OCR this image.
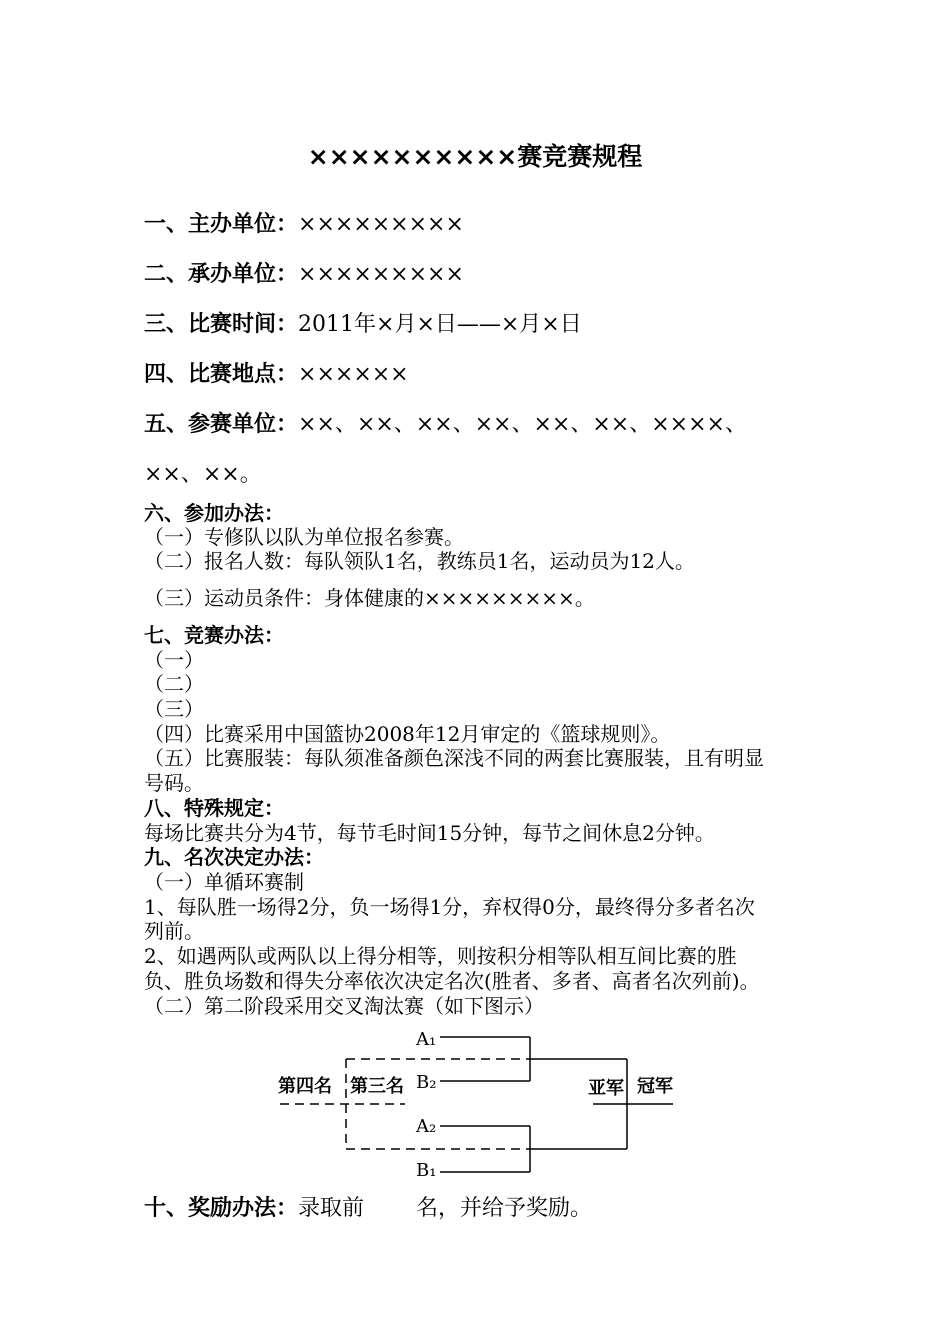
××××××××××赛竞赛规程
一、主办单位：×××××××××
二、承办单位：×××××××××
三、比赛时间：2011年×月×日——×月×日
四、比赛地点：××××××
五、参赛单位：××、××、××、××、××、××、××××、
××、××。
六、参加办法：
（一）专修队以队为单位报名参赛。
（二）报名人数：每队领队1名，教练员1名，运动员为12人。
（三）运动员条件：身体健康的×××××××××。
七、竞赛办法：
（一）
（二）
（三）
（四）比赛采用中国篮协2008年12月审定的《篮球规则》。
（五）比赛服装：每队须准备颜色深浅不同的两套比赛服装，且有明显
号码。
八、特殊规定：
每场比赛共分为4节，每节毛时间15分钟，每节之间休息2分钟。
九、名次决定办法：
（一）单循环赛制
1、每队胜一场得2分，负一场得1分，弃权得0分，最终得分多者名次
列前。
2、如遇两队或两队以上得分相等，则按积分相等队相互间比赛的胜
负、胜负场数和得失分率依次决定名次(胜者、多者、高者名次列前)。
（二）第二阶段采用交叉淘汰赛（如下图示）
A₁
B₂
A₂
B₁
第四名 第三名	亚军 冠军
十、奖励办法：录取前 名，并给予奖励。
